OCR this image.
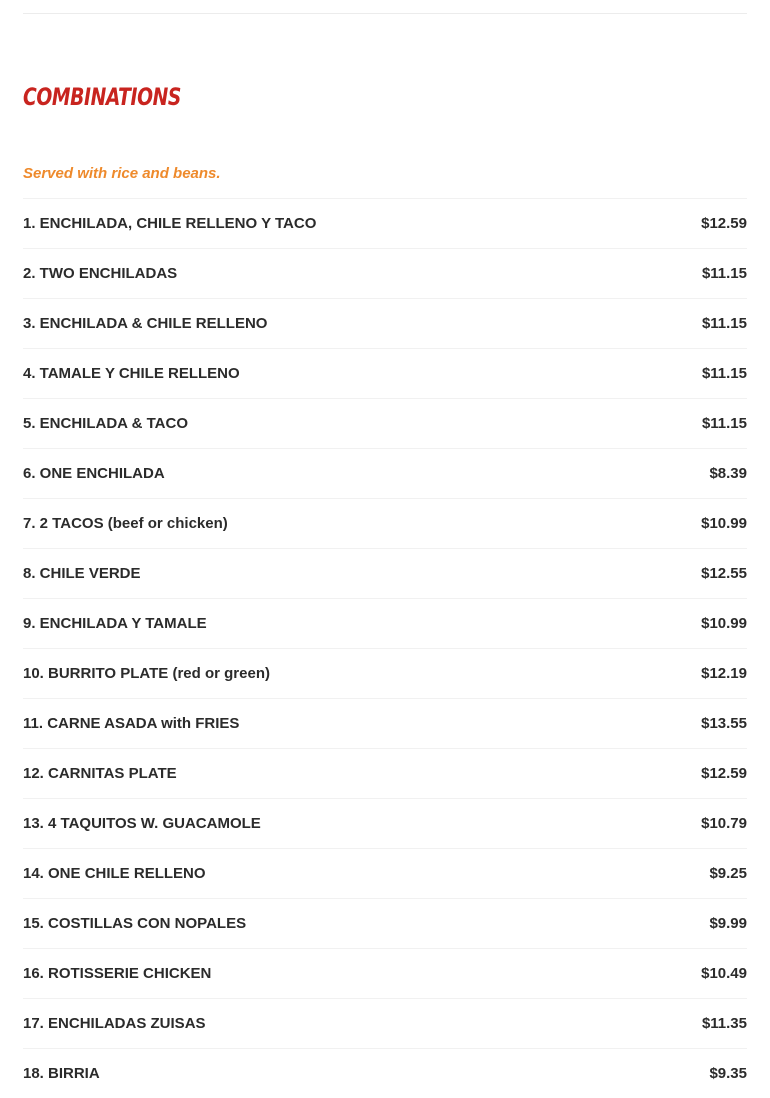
COMBINATIONS

Served with rice and beans.

1. ENCHILADA, CHILE RELLENO Y TACO	$12.59
2. TWO ENCHILADAS	$11.15
3. ENCHILADA & CHILE RELLENO	$11.15
4. TAMALE Y CHILE RELLENO	$11.15
5. ENCHILADA & TACO	$11.15
6. ONE ENCHILADA	$8.39
7. 2 TACOS (beef or chicken)	$10.99
8. CHILE VERDE	$12.55
9. ENCHILADA Y TAMALE	$10.99
10. BURRITO PLATE (red or green)	$12.19
11. CARNE ASADA with FRIES	$13.55
12. CARNITAS PLATE	$12.59
13. 4 TAQUITOS W. GUACAMOLE	$10.79
14. ONE CHILE RELLENO	$9.25
15. COSTILLAS CON NOPALES	$9.99
16. ROTISSERIE CHICKEN	$10.49
17. ENCHILADAS ZUISAS	$11.35
18. BIRRIA	$9.35
